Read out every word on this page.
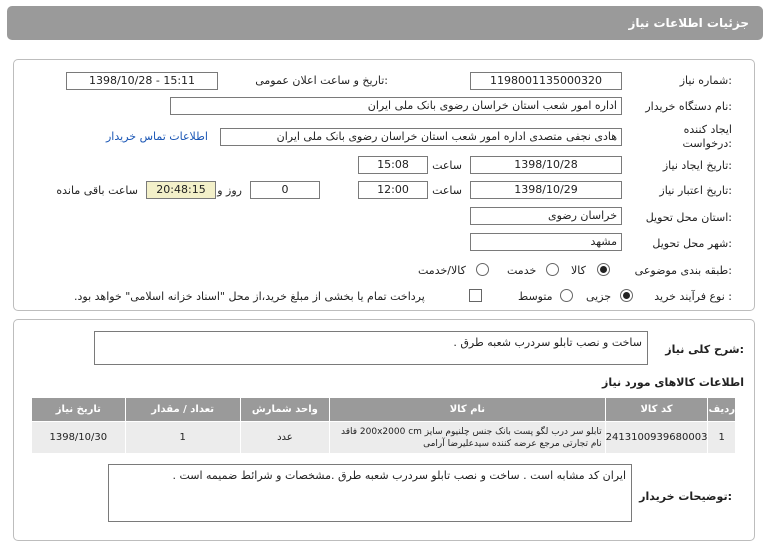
جزئیات اطلاعات نیاز
شماره نیاز:
1198001135000320
تاریخ و ساعت اعلان عمومی:
1398/10/28 - 15:11
نام دستگاه خریدار:
اداره امور شعب استان خراسان رضوی بانک ملی ایران
ایجاد کننده درخواست:
هادی نجفی متصدی اداره امور شعب استان خراسان رضوی بانک ملی ایران
اطلاعات تماس خریدار
تاریخ ایجاد نیاز:
1398/10/28
ساعت
15:08
تاریخ اعتبار نیاز:
1398/10/29
ساعت
12:00
0
روز و
20:48:15
ساعت باقی مانده
استان محل تحویل:
خراسان رضوی
شهر محل تحویل:
مشهد
طبقه بندی موضوعی:
کالا
خدمت
کالا/خدمت
نوع فرآیند خرید :
جزیی
متوسط
پرداخت تمام یا بخشی از مبلغ خرید،از محل "اسناد خزانه اسلامی" خواهد بود.
شرح کلی نیاز:
ساخت و نصب تابلو سردرب شعبه طرق .
اطلاعات کالاهای مورد نیاز
ردیف	کد کالا	نام کالا	واحد شمارش	تعداد / مقدار	تاریخ نیاز
1	2413100939680003	تابلو سر درب لگو پست بانک جنس چلنیوم سایز 200x2000 cm فاقد نام تجارتی مرجع عرضه کننده سیدعلیرضا آرامی	عدد	1	1398/10/30
توضیحات خریدار:
ایران کد مشابه است . ساخت و نصب تابلو سردرب شعبه طرق .مشخصات و شرائط ضمیمه است .
